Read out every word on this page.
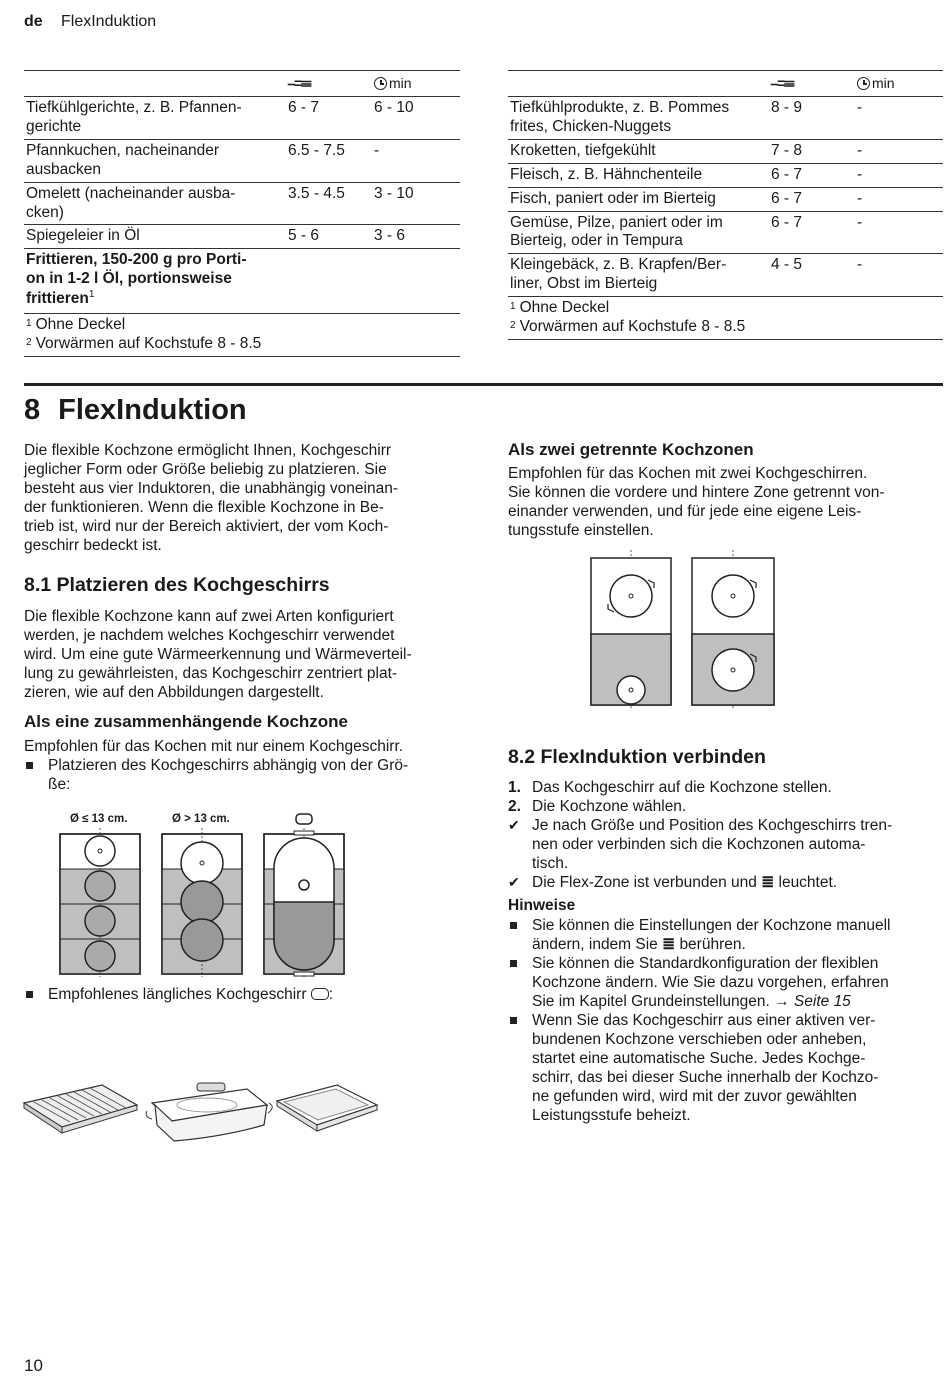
de FlexInduktion
	⎯=☰	min
Tiefkühlgerichte, z. B. Pfannen-
gerichte	6 - 7	6 - 10
Pfannkuchen, nacheinander
ausbacken	6.5 - 7.5	-
Omelett (nacheinander ausba-
cken)	3.5 - 4.5	3 - 10
Spiegeleier in Öl	5 - 6	3 - 6
Frittieren, 150-200 g pro Porti-
on in 1-2 l Öl, portionsweise
frittieren$^1$		

$^1$ Ohne Deckel
$^2$ Vorwärmen auf Kochstufe 8 - 8.5		
	⎯=☰	min
Tiefkühlprodukte, z. B. Pommes
frites, Chicken-Nuggets	8 - 9	-
Kroketten, tiefgekühlt	7 - 8	-
Fleisch, z. B. Hähnchenteile	6 - 7	-
Fisch, paniert oder im Bierteig	6 - 7	-
Gemüse, Pilze, paniert oder im
Bierteig, oder in Tempura	6 - 7	-
Kleingebäck, z. B. Krapfen/Ber-
liner, Obst im Bierteig	4 - 5	-

$^1$ Ohne Deckel
$^2$ Vorwärmen auf Kochstufe 8 - 8.5		
8 FlexInduktion
Die flexible Kochzone ermöglicht Ihnen, Kochgeschirr
jeglicher Form oder Größe beliebig zu platzieren. Sie
besteht aus vier Induktoren, die unabhängig voneinan-
der funktionieren. Wenn die flexible Kochzone in Be-
trieb ist, wird nur der Bereich aktiviert, der vom Koch-
geschirr bedeckt ist.
8.1 Platzieren des Kochgeschirrs
Die flexible Kochzone kann auf zwei Arten konfiguriert
werden, je nachdem welches Kochgeschirr verwendet
wird. Um eine gute Wärmeerkennung und Wärmeverteil-
lung zu gewährleisten, das Kochgeschirr zentriert plat-
zieren, wie auf den Abbildungen dargestellt.
Als eine zusammenhängende Kochzone
Empfohlen für das Kochen mit nur einem Kochgeschirr.
Platzieren des Kochgeschirrs abhängig von der Grö-
ße:
Ø ≤ 13 cm.	Ø > 13 cm.
Empfohlenes längliches Kochgeschirr :
Als zwei getrennte Kochzonen
Empfohlen für das Kochen mit zwei Kochgeschirren.
Sie können die vordere und hintere Zone getrennt von-
einander verwenden, und für jede eine eigene Leis-
tungsstufe einstellen.
8.2 FlexInduktion verbinden
1. Das Kochgeschirr auf die Kochzone stellen.
2. Die Kochzone wählen.
✔ Je nach Größe und Position des Kochgeschirrs tren-
nen oder verbinden sich die Kochzonen automa-
tisch.
✔ Die Flex-Zone ist verbunden und ≣ leuchtet.
Hinweise
Sie können die Einstellungen der Kochzone manuell
ändern, indem Sie ≣ berühren.
Sie können die Standardkonfiguration der flexiblen
Kochzone ändern. Wie Sie dazu vorgehen, erfahren
Sie im Kapitel Grundeinstellungen. → Seite 15
Wenn Sie das Kochgeschirr aus einer aktiven ver-
bundenen Kochzone verschieben oder anheben,
startet eine automatische Suche. Jedes Kochge-
schirr, das bei dieser Suche innerhalb der Kochzo-
ne gefunden wird, wird mit der zuvor gewählten
Leistungsstufe beheizt.
10
